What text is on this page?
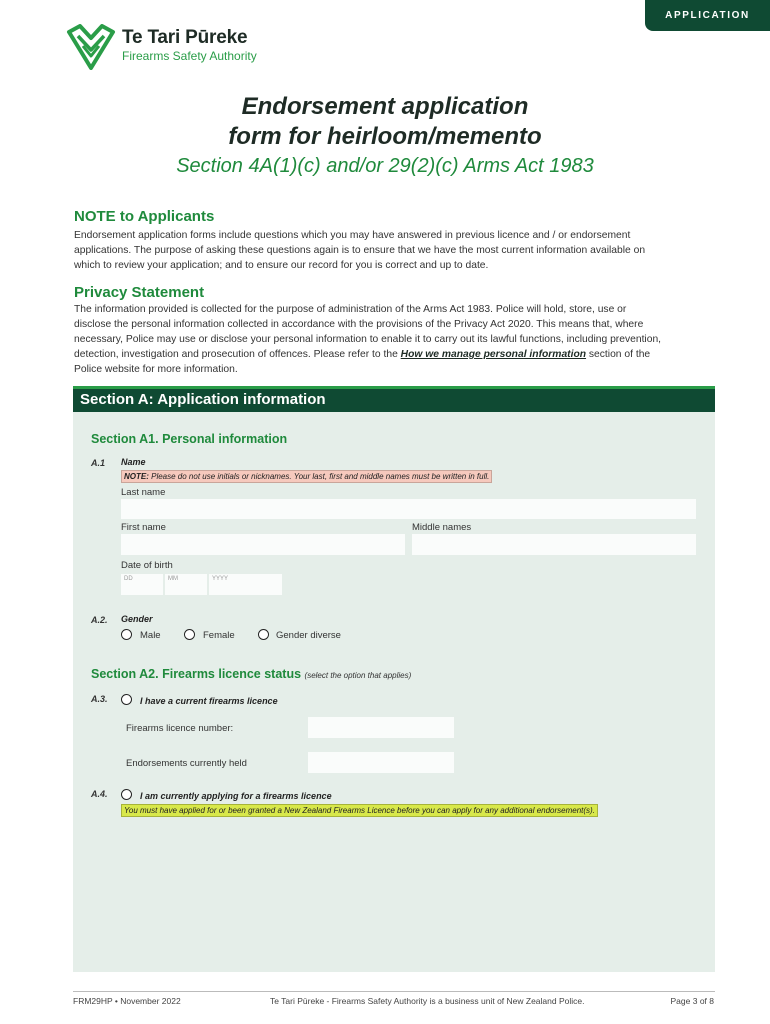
APPLICATION
Te Tari Pūreke
Firearms Safety Authority
Endorsement application
form for heirloom/memento
Section 4A(1)(c) and/or 29(2)(c) Arms Act 1983
NOTE to Applicants
Endorsement application forms include questions which you may have answered in previous licence and / or endorsement
applications. The purpose of asking these questions again is to ensure that we have the most current information available on
which to review your application; and to ensure our record for you is correct and up to date.
Privacy Statement
The information provided is collected for the purpose of administration of the Arms Act 1983. Police will hold, store, use or
disclose the personal information collected in accordance with the provisions of the Privacy Act 2020. This means that, where
necessary, Police may use or disclose your personal information to enable it to carry out its lawful functions, including prevention,
detection, investigation and prosecution of offences. Please refer to the How we manage personal information section of the
Police website for more information.
Section A: Application information
Section A1. Personal information
A.1 Name
NOTE: Please do not use initials or nicknames. Your last, first and middle names must be written in full.
Last name
First name	Middle names
Date of birth
DD	MM	YYYY
A.2. Gender
Male	Female	Gender diverse
Section A2. Firearms licence status (select the option that applies)
A.3.	I have a current firearms licence
Firearms licence number:
Endorsements currently held
A.4.	I am currently applying for a firearms licence
You must have applied for or been granted a New Zealand Firearms Licence before you can apply for any additional endorsement(s).
FRM29HP • November 2022	Te Tari Pūreke - Firearms Safety Authority is a business unit of New Zealand Police.	Page 3 of 8
